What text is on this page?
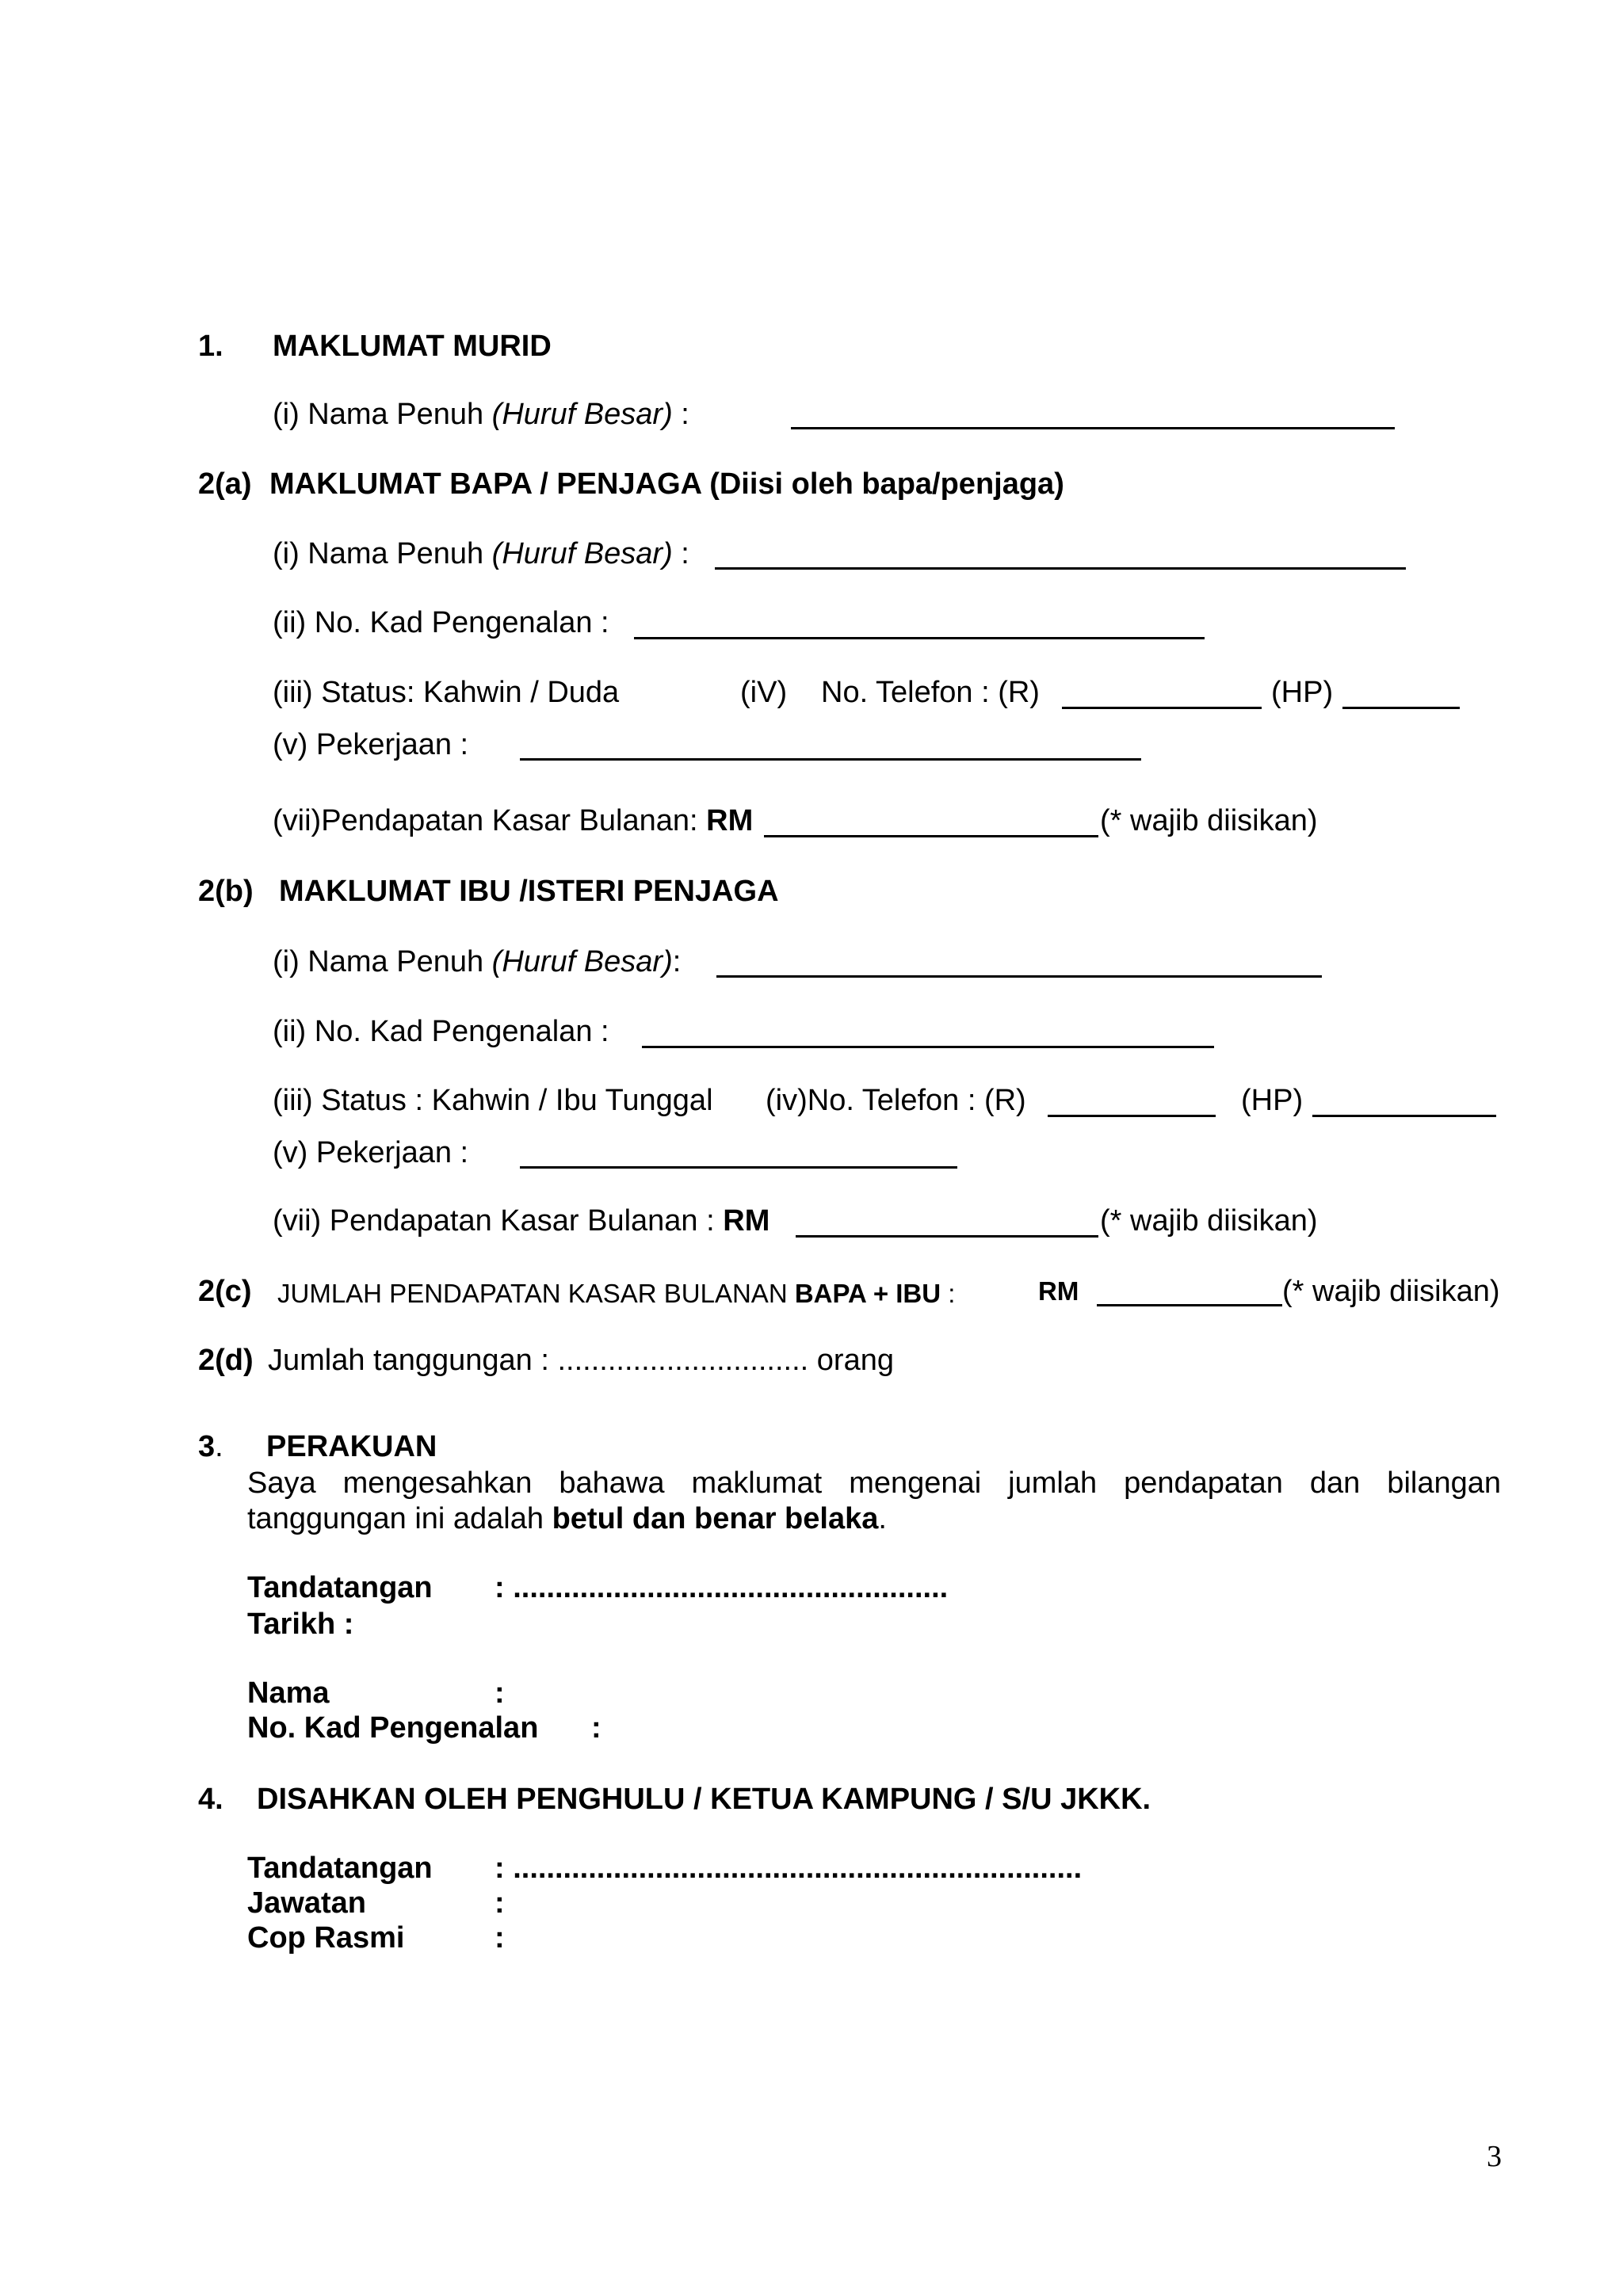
1. MAKLUMAT MURID
(i) Nama Penuh (Huruf Besar) :
2(a) MAKLUMAT BAPA / PENJAGA (Diisi oleh bapa/penjaga)
(i) Nama Penuh (Huruf Besar) :
(ii) No. Kad Pengenalan :
(iii) Status: Kahwin / Duda	(iV) No. Telefon : (R)	(HP)
(v) Pekerjaan :
(vii)Pendapatan Kasar Bulanan: RM	(* wajib diisikan)
2(b) MAKLUMAT IBU /ISTERI PENJAGA
(i) Nama Penuh (Huruf Besar):
(ii) No. Kad Pengenalan :
(iii) Status : Kahwin / Ibu Tunggal (iv)No. Telefon : (R)	(HP)
(v) Pekerjaan :
(vii) Pendapatan Kasar Bulanan : RM	(* wajib diisikan)
2(c) JUMLAH PENDAPATAN KASAR BULANAN BAPA + IBU :	RM	(* wajib diisikan)
2(d) Jumlah tanggungan : .............................. orang
3. PERAKUAN
Saya mengesahkan bahawa maklumat mengenai jumlah pendapatan dan bilangan
tanggungan ini adalah betul dan benar belaka.
Tandatangan : ....................................................
Tarikh :
Nama	:
No. Kad Pengenalan :
4. DISAHKAN OLEH PENGHULU / KETUA KAMPUNG / S/U JKKK.
Tandatangan : ....................................................................
Jawatan	:
Cop Rasmi	:
3
